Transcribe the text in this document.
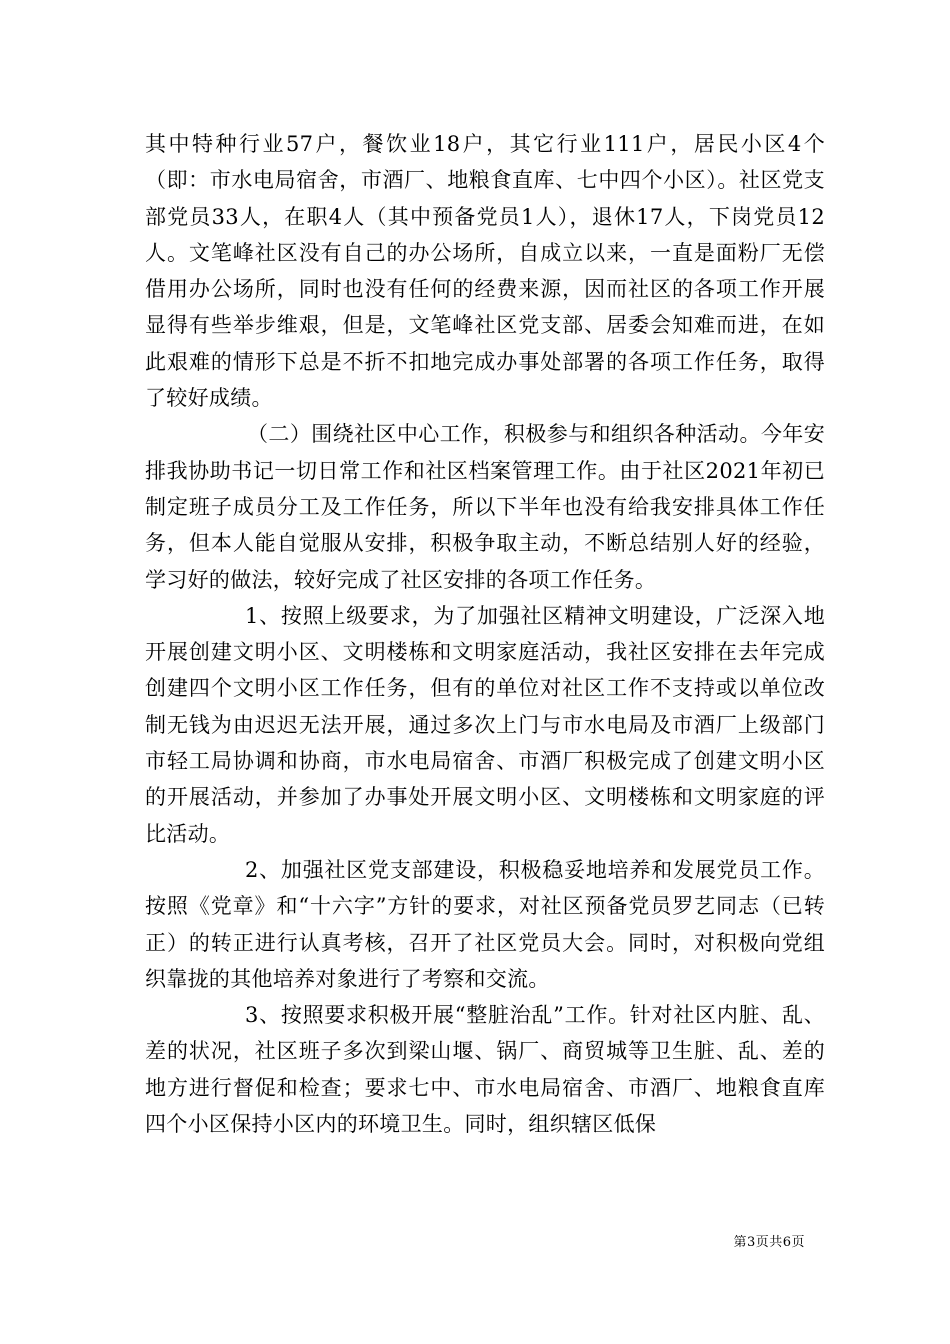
其中特种行业57户，餐饮业18户，其它行业111户，居民小区4个（即：市水电局宿舍，市酒厂、地粮食直库、七中四个小区）。社区党支部党员33人，在职4人（其中预备党员1人），退休17人，下岗党员12人。文笔峰社区没有自己的办公场所，自成立以来，一直是面粉厂无偿借用办公场所，同时也没有任何的经费来源，因而社区的各项工作开展显得有些举步维艰，但是，文笔峰社区党支部、居委会知难而进，在如此艰难的情形下总是不折不扣地完成办事处部署的各项工作任务，取得了较好成绩。

（二）围绕社区中心工作，积极参与和组织各种活动。今年安排我协助书记一切日常工作和社区档案管理工作。由于社区2021年初已制定班子成员分工及工作任务，所以下半年也没有给我安排具体工作任务，但本人能自觉服从安排，积极争取主动，不断总结别人好的经验，学习好的做法，较好完成了社区安排的各项工作任务。

1、按照上级要求，为了加强社区精神文明建设，广泛深入地开展创建文明小区、文明楼栋和文明家庭活动，我社区安排在去年完成创建四个文明小区工作任务，但有的单位对社区工作不支持或以单位改制无钱为由迟迟无法开展，通过多次上门与市水电局及市酒厂上级部门市轻工局协调和协商，市水电局宿舍、市酒厂积极完成了创建文明小区的开展活动，并参加了办事处开展文明小区、文明楼栋和文明家庭的评比活动。

2、加强社区党支部建设，积极稳妥地培养和发展党员工作。按照《党章》和“十六字”方针的要求，对社区预备党员罗艺同志（已转正）的转正进行认真考核，召开了社区党员大会。同时，对积极向党组织靠拢的其他培养对象进行了考察和交流。

3、按照要求积极开展“整脏治乱”工作。针对社区内脏、乱、差的状况，社区班子多次到梁山堰、锅厂、商贸城等卫生脏、乱、差的地方进行督促和检查；要求七中、市水电局宿舍、市酒厂、地粮食直库四个小区保持小区内的环境卫生。同时，组织辖区低保

第3页共6页
